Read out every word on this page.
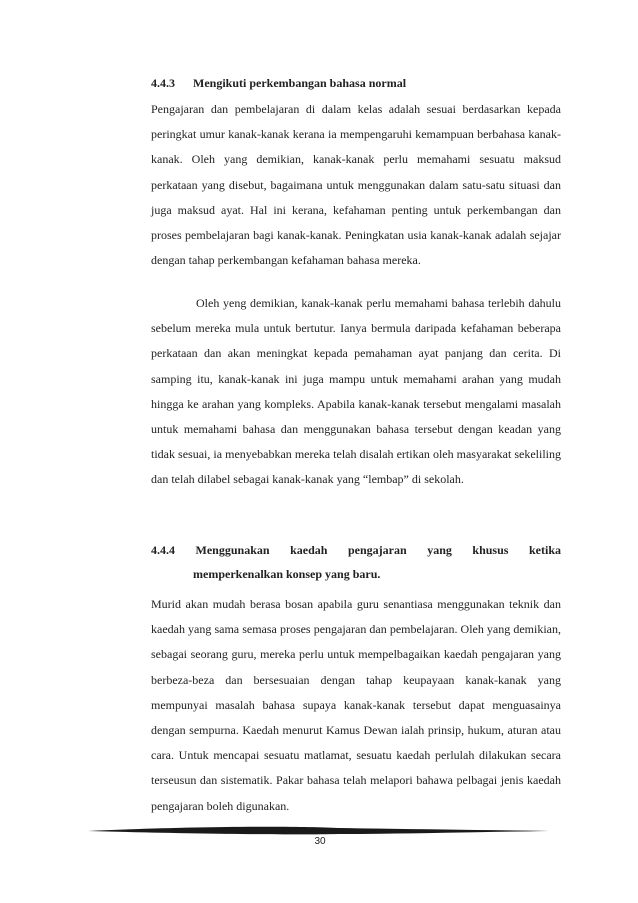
4.4.3 Mengikuti perkembangan bahasa normal

Pengajaran dan pembelajaran di dalam kelas adalah sesuai berdasarkan kepada peringkat umur kanak-kanak kerana ia mempengaruhi kemampuan berbahasa kanak-kanak. Oleh yang demikian, kanak-kanak perlu memahami sesuatu maksud perkataan yang disebut, bagaimana untuk menggunakan dalam satu-satu situasi dan juga maksud ayat. Hal ini kerana, kefahaman penting untuk perkembangan dan proses pembelajaran bagi kanak-kanak. Peningkatan usia kanak-kanak adalah sejajar dengan tahap perkembangan kefahaman bahasa mereka.

Oleh yeng demikian, kanak-kanak perlu memahami bahasa terlebih dahulu sebelum mereka mula untuk bertutur. Ianya bermula daripada kefahaman beberapa perkataan dan akan meningkat kepada pemahaman ayat panjang dan cerita. Di samping itu, kanak-kanak ini juga mampu untuk memahami arahan yang mudah hingga ke arahan yang kompleks. Apabila kanak-kanak tersebut mengalami masalah untuk memahami bahasa dan menggunakan bahasa tersebut dengan keadan yang tidak sesuai, ia menyebabkan mereka telah disalah ertikan oleh masyarakat sekeliling dan telah dilabel sebagai kanak-kanak yang “lembap” di sekolah.

4.4.4 Menggunakan kaedah pengajaran yang khusus ketika
memperkenalkan konsep yang baru.

Murid akan mudah berasa bosan apabila guru senantiasa menggunakan teknik dan kaedah yang sama semasa proses pengajaran dan pembelajaran. Oleh yang demikian, sebagai seorang guru, mereka perlu untuk mempelbagaikan kaedah pengajaran yang berbeza-beza dan bersesuaian dengan tahap keupayaan kanak-kanak yang mempunyai masalah bahasa supaya kanak-kanak tersebut dapat menguasainya dengan sempurna. Kaedah menurut Kamus Dewan ialah prinsip, hukum, aturan atau cara. Untuk mencapai sesuatu matlamat, sesuatu kaedah perlulah dilakukan secara terseusun dan sistematik. Pakar bahasa telah melapori bahawa pelbagai jenis kaedah pengajaran boleh digunakan.

30
